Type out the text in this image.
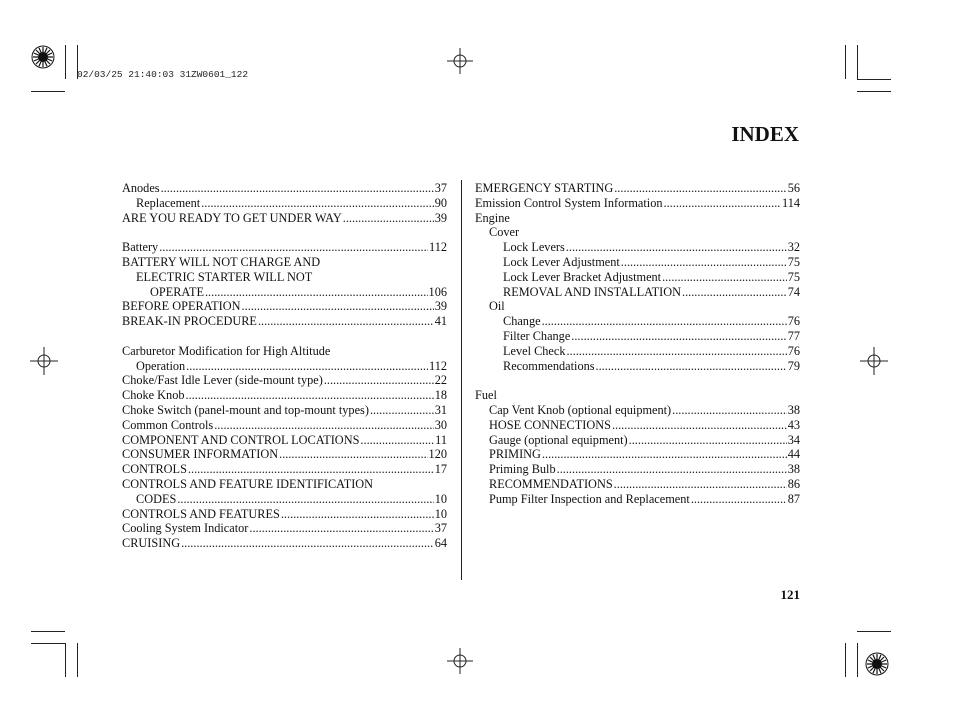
02/03/25 21:40:03 31ZW0601_122
INDEX
Anodes .....	37
Replacement .....	90
ARE YOU READY TO GET UNDER WAY .....	39
Battery .....	112
BATTERY WILL NOT CHARGE AND
ELECTRIC STARTER WILL NOT
OPERATE .....	106
BEFORE OPERATION .....	39
BREAK-IN PROCEDURE .....	41
Carburetor Modification for High Altitude
Operation .....	112
Choke/Fast Idle Lever (side-mount type) .....	22
Choke Knob .....	18
Choke Switch (panel-mount and top-mount types) .....	31
Common Controls .....	30
COMPONENT AND CONTROL LOCATIONS .....	11
CONSUMER INFORMATION .....	120
CONTROLS .....	17
CONTROLS AND FEATURE IDENTIFICATION
CODES .....	10
CONTROLS AND FEATURES .....	10
Cooling System Indicator .....	37
CRUISING .....	64
EMERGENCY STARTING .....	56
Emission Control System Information .....	114
Engine
Cover
Lock Levers .....	32
Lock Lever Adjustment .....	75
Lock Lever Bracket Adjustment .....	75
REMOVAL AND INSTALLATION .....	74
Oil
Change .....	76
Filter Change .....	77
Level Check .....	76
Recommendations .....	79
Fuel
Cap Vent Knob (optional equipment) .....	38
HOSE CONNECTIONS .....	43
Gauge (optional equipment) .....	34
PRIMING .....	44
Priming Bulb .....	38
RECOMMENDATIONS .....	86
Pump Filter Inspection and Replacement .....	87
121
